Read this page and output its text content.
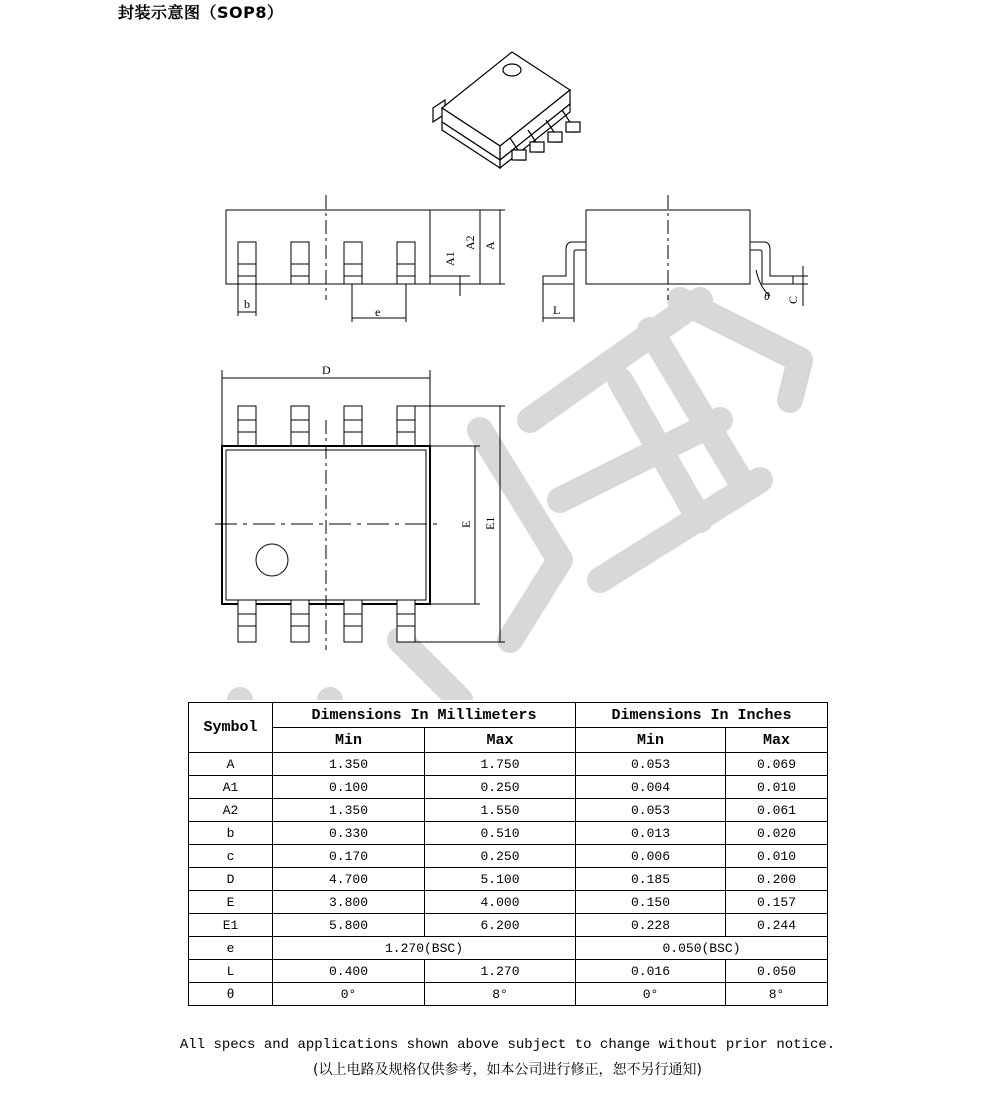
封装示意图（SOP8）
b
e
A1
A2 A
L
C
θ
D
E E1
Symbol	Dimensions In Millimeters		Dimensions In Inches	
	Min	Max	Min	Max
A	1.350	1.750	0.053	0.069
A1	0.100	0.250	0.004	0.010
A2	1.350	1.550	0.053	0.061
b	0.330	0.510	0.013	0.020
c	0.170	0.250	0.006	0.010
D	4.700	5.100	0.185	0.200
E	3.800	4.000	0.150	0.157
E1	5.800	6.200	0.228	0.244
e	1.270(BSC)		0.050(BSC)	
L	0.400	1.270	0.016	0.050
θ	0°	8°	0°	8°
All specs and applications shown above subject to change without prior notice.
(以上电路及规格仅供参考，如本公司进行修正，恕不另行通知)
